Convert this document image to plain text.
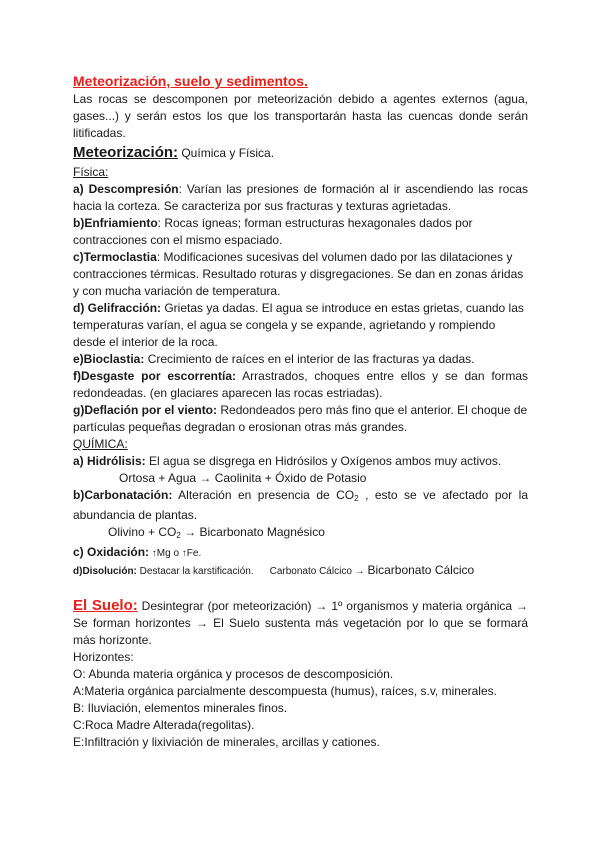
Meteorización, suelo y sedimentos.

Las rocas se descomponen por meteorización debido a agentes externos (agua, gases...) y serán estos los que los transportarán hasta las cuencas donde serán litificadas.

Meteorización: Química y Física.

Física:

a) Descompresión: Varían las presiones de formación al ir ascendiendo las rocas hacia la corteza. Se caracteriza por sus fracturas y texturas agrietadas.

b)Enfriamiento: Rocas ígneas; forman estructuras hexagonales dados por contracciones con el mismo espaciado.

c)Termoclastia: Modificaciones sucesivas del volumen dado por las dilataciones y contracciones térmicas. Resultado roturas y disgregaciones. Se dan en zonas áridas y con mucha variación de temperatura.

d) Gelifracción: Grietas ya dadas. El agua se introduce en estas grietas, cuando las temperaturas varían, el agua se congela y se expande, agrietando y rompiendo desde el interior de la roca.

e)Bioclastia: Crecimiento de raíces en el interior de las fracturas ya dadas.

f)Desgaste por escorrentía: Arrastrados, choques entre ellos y se dan formas redondeadas. (en glaciares aparecen las rocas estriadas).

g)Deflación por el viento: Redondeados pero más fino que el anterior. El choque de partículas pequeñas degradan o erosionan otras más grandes.

QUÍMICA:

a) Hidrólisis: El agua se disgrega en Hidrósilos y Oxígenos ambos muy activos.

Ortosa + Agua → Caolinita + Óxido de Potasio

b)Carbonatación: Alteración en presencia de $CO_2$ , esto se ve afectado por la abundancia de plantas.

Olivino + $CO_2$ → Bicarbonato Magnésico

c) Oxidación: ↑Mg o ↑Fe.

d)Disolución: Destacar la karstificación. Carbonato Cálcico → Bicarbonato Cálcico

El Suelo: Desintegrar (por meteorización) → 1º organismos y materia orgánica → Se forman horizontes → El Suelo sustenta más vegetación por lo que se formará más horizonte.

Horizontes:

O: Abunda materia orgánica y procesos de descomposición.

A:Materia orgánica parcialmente descompuesta (humus), raíces, s.v, minerales.

B: Iluviación, elementos minerales finos.

C:Roca Madre Alterada(regolitas).

E:Infiltración y lixiviación de minerales, arcillas y cationes.
